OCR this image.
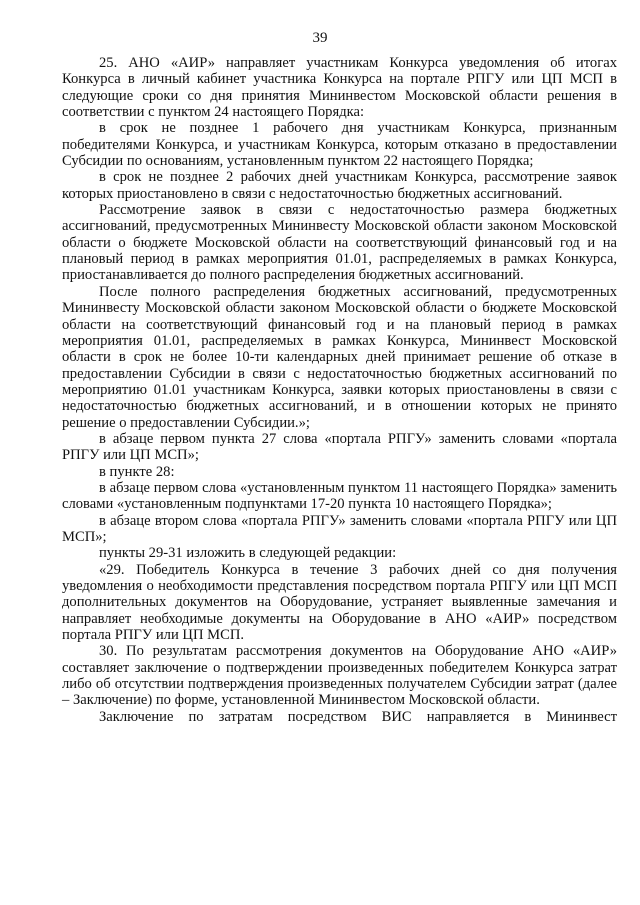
39

25. АНО «АИР» направляет участникам Конкурса уведомления об итогах Конкурса в личный кабинет участника Конкурса на портале РПГУ или ЦП МСП в следующие сроки со дня принятия Мининвестом Московской области решения в соответствии с пунктом 24 настоящего Порядка:

в срок не позднее 1 рабочего дня участникам Конкурса, признанным победителями Конкурса, и участникам Конкурса, которым отказано в предоставлении Субсидии по основаниям, установленным пунктом 22 настоящего Порядка;

в срок не позднее 2 рабочих дней участникам Конкурса, рассмотрение заявок которых приостановлено в связи с недостаточностью бюджетных ассигнований.

Рассмотрение заявок в связи с недостаточностью размера бюджетных ассигнований, предусмотренных Мининвесту Московской области законом Московской области о бюджете Московской области на соответствующий финансовый год и на плановый период в рамках мероприятия 01.01, распределяемых в рамках Конкурса, приостанавливается до полного распределения бюджетных ассигнований.

После полного распределения бюджетных ассигнований, предусмотренных Мининвесту Московской области законом Московской области о бюджете Московской области на соответствующий финансовый год и на плановый период в рамках мероприятия 01.01, распределяемых в рамках Конкурса, Мининвест Московской области в срок не более 10-ти календарных дней принимает решение об отказе в предоставлении Субсидии в связи с недостаточностью бюджетных ассигнований по мероприятию 01.01 участникам Конкурса, заявки которых приостановлены в связи с недостаточностью бюджетных ассигнований, и в отношении которых не принято решение о предоставлении Субсидии.»;

в абзаце первом пункта 27 слова «портала РПГУ» заменить словами «портала РПГУ или ЦП МСП»;

в пункте 28:

в абзаце первом слова «установленным пунктом 11 настоящего Порядка» заменить словами «установленным подпунктами 17-20 пункта 10 настоящего Порядка»;

в абзаце втором слова «портала РПГУ» заменить словами «портала РПГУ или ЦП МСП»;

пункты 29-31 изложить в следующей редакции:

«29. Победитель Конкурса в течение 3 рабочих дней со дня получения уведомления о необходимости представления посредством портала РПГУ или ЦП МСП дополнительных документов на Оборудование, устраняет выявленные замечания и направляет необходимые документы на Оборудование в АНО «АИР» посредством портала РПГУ или ЦП МСП.

30. По результатам рассмотрения документов на Оборудование АНО «АИР» составляет заключение о подтверждении произведенных победителем Конкурса затрат либо об отсутствии подтверждения произведенных получателем Субсидии затрат (далее – Заключение) по форме, установленной Мининвестом Московской области.

Заключение по затратам посредством ВИС направляется в Мининвест
